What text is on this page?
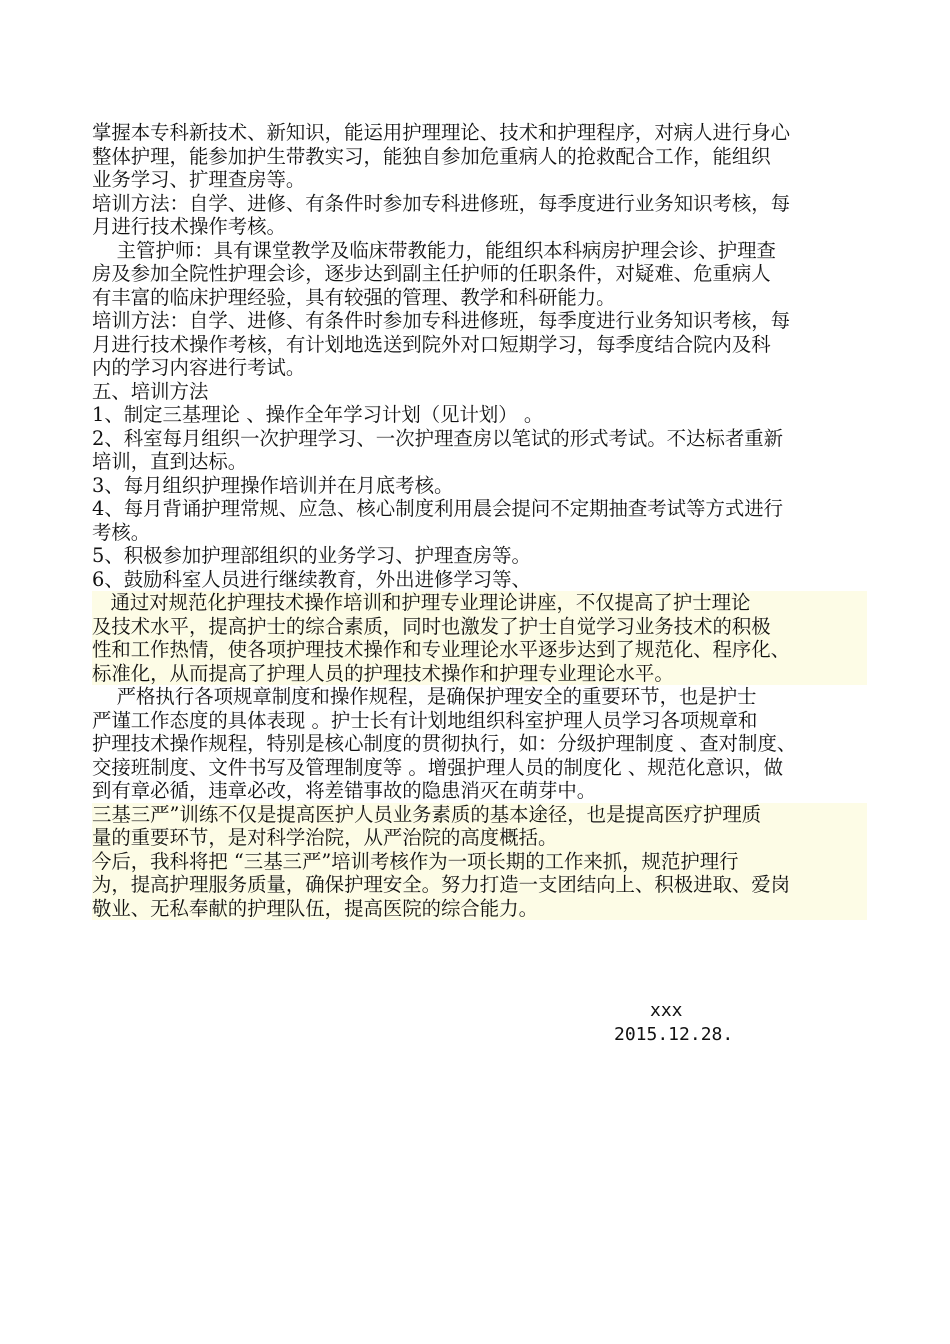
掌握本专科新技术、新知识，能运用护理理论、技术和护理程序，对病人进行身心
整体护理，能参加护生带教实习，能独自参加危重病人的抢救配合工作，能组织
业务学习、扩理查房等。
培训方法：自学、进修、有条件时参加专科进修班，每季度进行业务知识考核，每
月进行技术操作考核。
主管护师：具有课堂教学及临床带教能力，能组织本科病房护理会诊、护理查
房及参加全院性护理会诊，逐步达到副主任护师的任职条件，对疑难、危重病人
有丰富的临床护理经验，具有较强的管理、教学和科研能力。
培训方法：自学、进修、有条件时参加专科进修班，每季度进行业务知识考核，每
月进行技术操作考核，有计划地选送到院外对口短期学习，每季度结合院内及科
内的学习内容进行考试。
五、培训方法
1、制定三基理论 、操作全年学习计划（见计划） 。
2、科室每月组织一次护理学习、一次护理查房以笔试的形式考试。不达标者重新
培训，直到达标。
3、每月组织护理操作培训并在月底考核。
4、每月背诵护理常规、应急、核心制度利用晨会提问不定期抽查考试等方式进行
考核。
5、积极参加护理部组织的业务学习、护理查房等。
6、鼓励科室人员进行继续教育，外出进修学习等、
通过对规范化护理技术操作培训和护理专业理论讲座，不仅提高了护士理论
及技术水平，提高护士的综合素质，同时也激发了护士自觉学习业务技术的积极
性和工作热情，使各项护理技术操作和专业理论水平逐步达到了规范化、程序化、
标准化，从而提高了护理人员的护理技术操作和护理专业理论水平。
严格执行各项规章制度和操作规程，是确保护理安全的重要环节，也是护士
严谨工作态度的具体表现 。护士长有计划地组织科室护理人员学习各项规章和
护理技术操作规程，特别是核心制度的贯彻执行，如：分级护理制度 、查对制度、
交接班制度、文件书写及管理制度等 。增强护理人员的制度化 、规范化意识，做
到有章必循，违章必改，将差错事故的隐患消灭在萌芽中。
三基三严”训练不仅是提高医护人员业务素质的基本途径，也是提高医疗护理质
量的重要环节，是对科学治院，从严治院的高度概括。
今后，我科将把 “三基三严”培训考核作为一项长期的工作来抓，规范护理行
为，提高护理服务质量，确保护理安全。努力打造一支团结向上、积极进取、爱岗
敬业、无私奉献的护理队伍，提高医院的综合能力。
xxx
2015.12.28.
